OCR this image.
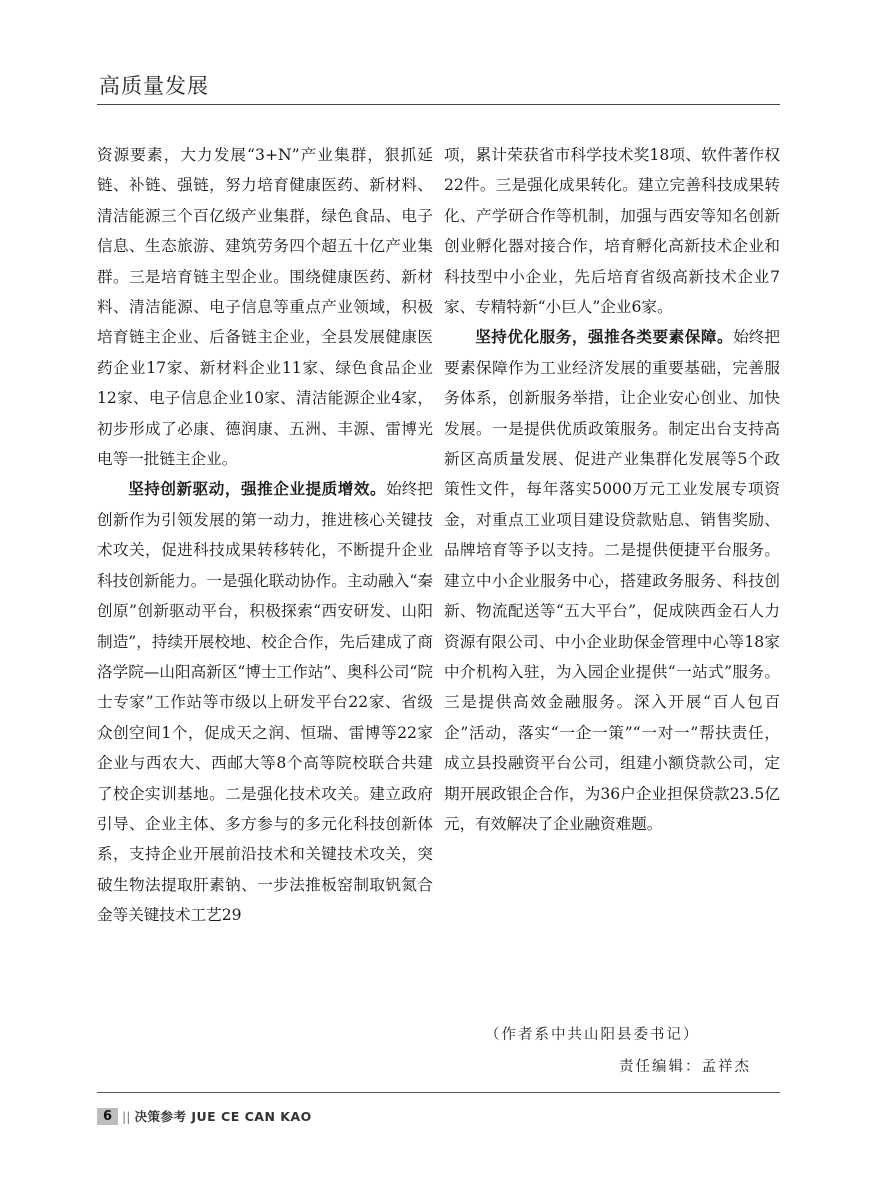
高质量发展

资源要素，大力发展“3+N”产业集群，狠抓延链、补链、强链，努力培育健康医药、新材料、清洁能源三个百亿级产业集群，绿色食品、电子信息、生态旅游、建筑劳务四个超五十亿产业集群。三是培育链主型企业。围绕健康医药、新材料、清洁能源、电子信息等重点产业领域，积极培育链主企业、后备链主企业，全县发展健康医药企业17家、新材料企业11家、绿色食品企业12家、电子信息企业10家、清洁能源企业4家，初步形成了必康、德润康、五洲、丰源、雷博光电等一批链主企业。

坚持创新驱动，强推企业提质增效。始终把创新作为引领发展的第一动力，推进核心关键技术攻关，促进科技成果转移转化，不断提升企业科技创新能力。一是强化联动协作。主动融入“秦创原”创新驱动平台，积极探索“西安研发、山阳制造”，持续开展校地、校企合作，先后建成了商洛学院—山阳高新区“博士工作站”、奥科公司“院士专家”工作站等市级以上研发平台22家、省级众创空间1个，促成天之润、恒瑞、雷博等22家企业与西农大、西邮大等8个高等院校联合共建了校企实训基地。二是强化技术攻关。建立政府引导、企业主体、多方参与的多元化科技创新体系，支持企业开展前沿技术和关键技术攻关，突破生物法提取肝素钠、一步法推板窑制取钒氮合金等关键技术工艺29

项，累计荣获省市科学技术奖18项、软件著作权22件。三是强化成果转化。建立完善科技成果转化、产学研合作等机制，加强与西安等知名创新创业孵化器对接合作，培育孵化高新技术企业和科技型中小企业，先后培育省级高新技术企业7家、专精特新“小巨人”企业6家。

坚持优化服务，强推各类要素保障。始终把要素保障作为工业经济发展的重要基础，完善服务体系，创新服务举措，让企业安心创业、加快发展。一是提供优质政策服务。制定出台支持高新区高质量发展、促进产业集群化发展等5个政策性文件，每年落实5000万元工业发展专项资金，对重点工业项目建设贷款贴息、销售奖励、品牌培育等予以支持。二是提供便捷平台服务。建立中小企业服务中心，搭建政务服务、科技创新、物流配送等“五大平台”，促成陕西金石人力资源有限公司、中小企业助保金管理中心等18家中介机构入驻，为入园企业提供“一站式”服务。三是提供高效金融服务。深入开展“百人包百企”活动，落实“一企一策”“一对一”帮扶责任，成立县投融资平台公司，组建小额贷款公司，定期开展政银企合作，为36户企业担保贷款23.5亿元，有效解决了企业融资难题。

（作者系中共山阳县委书记）
责任编辑：孟祥杰
6 || 决策参考 JUE CE CAN KAO
